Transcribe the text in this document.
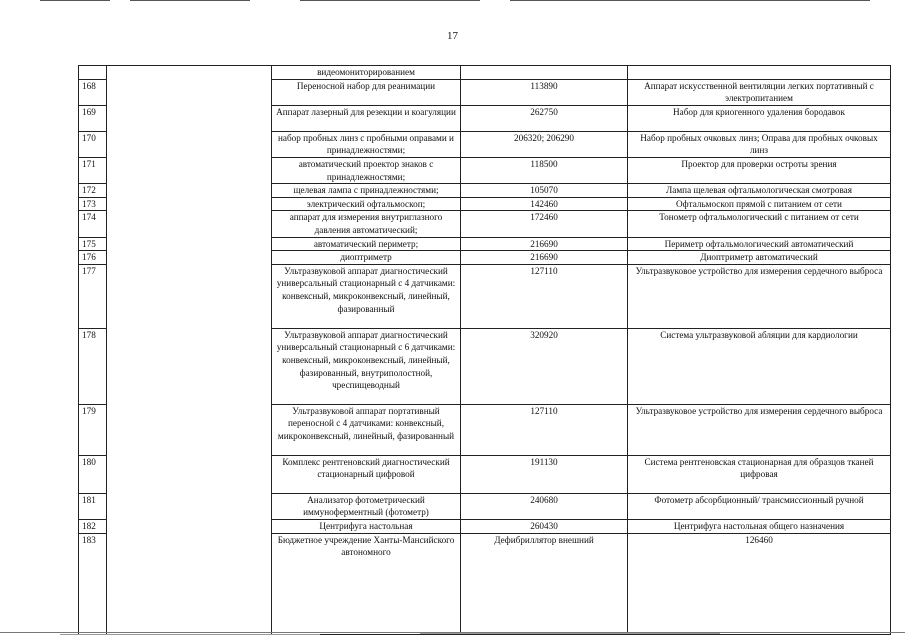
17
		видеомониторированием			
168		Переносной набор для реанимации	113890	Аппарат искусственной вентиляции легких портативный с электропитанием	
169		Аппарат лазерный для резекции и коагуляции	262750	Набор для криогенного удаления бородавок	
170		набор пробных линз с пробными оправами и принадлежностями;	206320; 206290	Набор пробных очковых линз; Оправа для пробных очковых линз	
171		автоматический проектор знаков с принадлежностями;	118500	Проектор для проверки остроты зрения	
172		щелевая лампа с принадлежностями;	105070	Лампа щелевая офтальмологическая смотровая	
173		электрический офтальмоскоп;	142460	Офтальмоскоп прямой с питанием от сети	
174		аппарат для измерения внутриглазного давления автоматический;	172460	Тонометр офтальмологический с питанием от сети	
175		автоматический периметр;	216690	Периметр офтальмологический автоматический	
176		диоптриметр	216690	Диоптриметр автоматический	
177		Ультразвуковой аппарат диагностический универсальный стационарный с 4 датчиками: конвексный, микроконвексный, линейный, фазированный	127110	Ультразвуковое устройство для измерения сердечного выброса	
178		Ультразвуковой аппарат диагностический универсальный стационарный с 6 датчиками: конвексный, микроконвексный, линейный, фазированный, внутриполостной, чреспищеводный	320920	Система ультразвуковой абляции для кардиологии	
179		Ультразвуковой аппарат портативный переносной с 4 датчиками: конвексный, микроконвексный, линейный, фазированный	127110	Ультразвуковое устройство для измерения сердечного выброса	
180		Комплекс рентгеновский диагностический стационарный цифровой	191130	Система рентгеновская стационарная для образцов тканей цифровая	
181		Анализатор фотометрический иммуноферментный (фотометр)	240680	Фотометр абсорбционный/ трансмиссионный ручной	
182		Центрифуга настольная	260430	Центрифуга настольная общего назначения	
183		Бюджетное учреждение Ханты-Мансийского автономного	Дефибриллятор внешний	126460	
